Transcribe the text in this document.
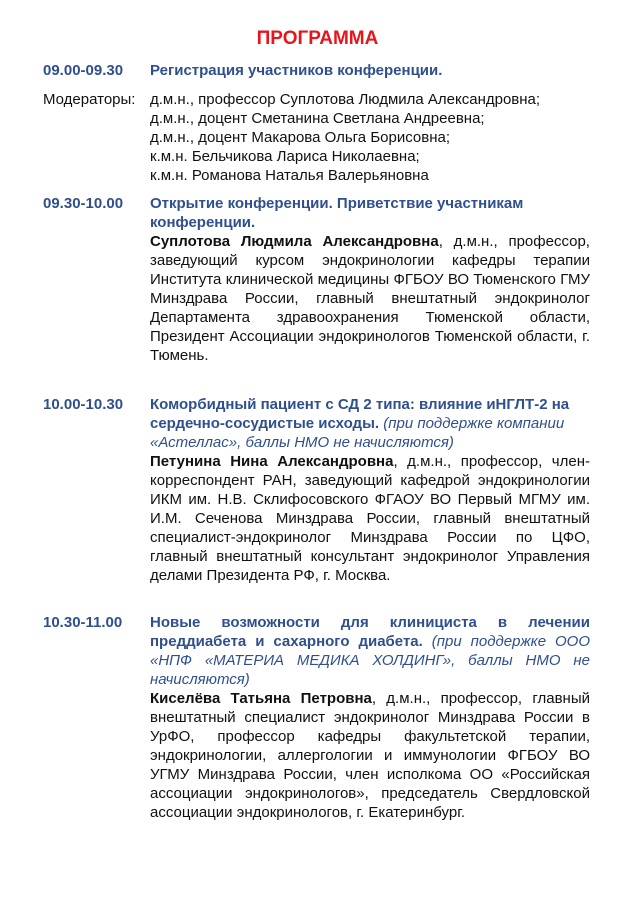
ПРОГРАММА
09.00-09.30	Регистрация участников конференции.
Модераторы: д.м.н., профессор Суплотова Людмила Александровна;
д.м.н., доцент Сметанина Светлана Андреевна;
д.м.н., доцент Макарова Ольга Борисовна;
к.м.н. Бельчикова Лариса Николаевна;
к.м.н. Романова Наталья Валерьяновна
09.30-10.00	Открытие конференции. Приветствие участникам конференции.
Суплотова Людмила Александровна, д.м.н., профессор, заведующий курсом эндокринологии кафедры терапии Института клинической медицины ФГБОУ ВО Тюменского ГМУ Минздрава России, главный внештатный эндокринолог Департамента здравоохранения Тюменской области, Президент Ассоциации эндокринологов Тюменской области, г. Тюмень.
10.00-10.30	Коморбидный пациент с СД 2 типа: влияние иНГЛТ-2 на сердечно-сосудистые исходы. (при поддержке компании «Астеллас», баллы НМО не начисляются)
Петунина Нина Александровна, д.м.н., профессор, член-корреспондент РАН, заведующий кафедрой эндокринологии ИКМ им. Н.В. Склифосовского ФГАОУ ВО Первый МГМУ им. И.М. Сеченова Минздрава России, главный внештатный специалист-эндокринолог Минздрава России по ЦФО, главный внештатный консультант эндокринолог Управления делами Президента РФ, г. Москва.
10.30-11.00	Новые возможности для клинициста в лечении преддиабета и сахарного диабета. (при поддержке ООО «НПФ «МАТЕРИА МЕДИКА ХОЛДИНГ», баллы НМО не начисляются)
Киселёва Татьяна Петровна, д.м.н., профессор, главный внештатный специалист эндокринолог Минздрава России в УрФО, профессор кафедры факультетской терапии, эндокринологии, аллергологии и иммунологии ФГБОУ ВО УГМУ Минздрава России, член исполкома ОО «Российская ассоциации эндокринологов», председатель Свердловской ассоциации эндокринологов, г. Екатеринбург.
